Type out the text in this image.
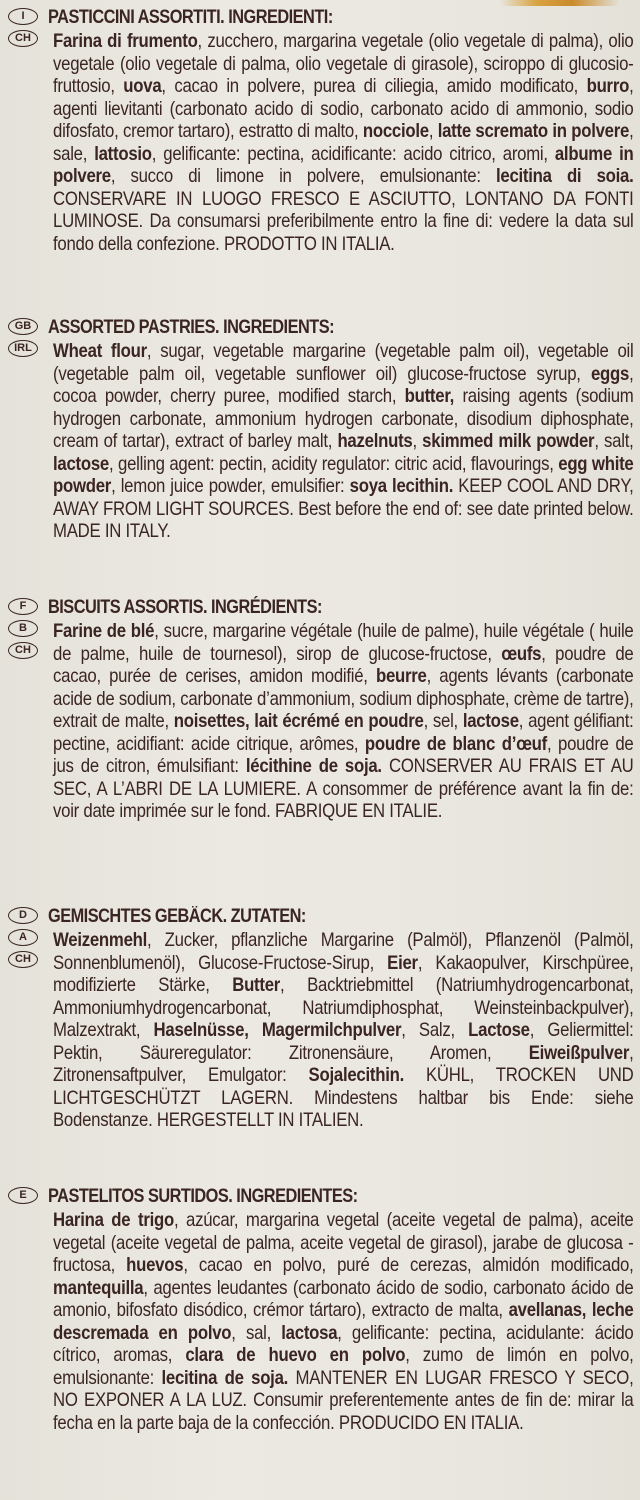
I
CH
PASTICCINI ASSORTITI. INGREDIENTI:
Farina di frumento, zucchero, margarina vegetale (olio vegetale di palma), olio vegetale (olio vegetale di palma, olio vegetale di girasole), sciroppo di glucosio-fruttosio, uova, cacao in polvere, purea di ciliegia, amido modificato, burro, agenti lievitanti (carbonato acido di sodio, carbonato acido di ammonio, sodio difosfato, cremor tartaro), estratto di malto, nocciole, latte scremato in polvere, sale, lattosio, gelificante: pectina, acidificante: acido citrico, aromi, albume in polvere, succo di limone in polvere, emulsionante: lecitina di soia. CONSERVARE IN LUOGO FRESCO E ASCIUTTO, LONTANO DA FONTI LUMINOSE. Da consumarsi preferibilmente entro la fine di: vedere la data sul fondo della confezione. PRODOTTO IN ITALIA.
GB
IRL
ASSORTED PASTRIES. INGREDIENTS:
Wheat flour, sugar, vegetable margarine (vegetable palm oil), vegetable oil (vegetable palm oil, vegetable sunflower oil) glucose-fructose syrup, eggs, cocoa powder, cherry puree, modified starch, butter, raising agents (sodium hydrogen carbonate, ammonium hydrogen carbonate, disodium diphosphate, cream of tartar), extract of barley malt, hazelnuts, skimmed milk powder, salt, lactose, gelling agent: pectin, acidity regulator: citric acid, flavourings, egg white powder, lemon juice powder, emulsifier: soya lecithin. KEEP COOL AND DRY, AWAY FROM LIGHT SOURCES. Best before the end of: see date printed below. MADE IN ITALY.
F
B
CH
BISCUITS ASSORTIS. INGRÉDIENTS:
Farine de blé, sucre, margarine végétale (huile de palme), huile végétale ( huile de palme, huile de tournesol), sirop de glucose-fructose, œufs, poudre de cacao, purée de cerises, amidon modifié, beurre, agents lévants (carbonate acide de sodium, carbonate d’ammonium, sodium diphosphate, crème de tartre), extrait de malte, noisettes, lait écrémé en poudre, sel, lactose, agent gélifiant: pectine, acidifiant: acide citrique, arômes, poudre de blanc d’œuf, poudre de jus de citron, émulsifiant: lécithine de soja. CONSERVER AU FRAIS ET AU SEC, A L’ABRI DE LA LUMIERE. A consommer de préférence avant la fin de: voir date imprimée sur le fond. FABRIQUE EN ITALIE.
D
A
CH
GEMISCHTES GEBÄCK. ZUTATEN:
Weizenmehl, Zucker, pflanzliche Margarine (Palmöl), Pflanzenöl (Palmöl, Sonnenblumenöl), Glucose-Fructose-Sirup, Eier, Kakaopulver, Kirschpüree, modifizierte Stärke, Butter, Backtriebmittel (Natriumhydrogencarbonat, Ammoniumhydrogencarbonat, Natriumdiphosphat, Weinsteinbackpulver), Malzextrakt, Haselnüsse, Magermilchpulver, Salz, Lactose, Geliermittel: Pektin, Säureregulator: Zitronensäure, Aromen, Eiweißpulver, Zitronensaftpulver, Emulgator: Sojalecithin. KÜHL, TROCKEN UND LICHTGESCHÜTZT LAGERN. Mindestens haltbar bis Ende: siehe Bodenstanze. HERGESTELLT IN ITALIEN.
E	PASTELITOS SURTIDOS. INGREDIENTES:
Harina de trigo, azúcar, margarina vegetal (aceite vegetal de palma), aceite vegetal (aceite vegetal de palma, aceite vegetal de girasol), jarabe de glucosa - fructosa, huevos, cacao en polvo, puré de cerezas, almidón modificado, mantequilla, agentes leudantes (carbonato ácido de sodio, carbonato ácido de amonio, bifosfato disódico, crémor tártaro), extracto de malta, avellanas, leche descremada en polvo, sal, lactosa, gelificante: pectina, acidulante: ácido cítrico, aromas, clara de huevo en polvo, zumo de limón en polvo, emulsionante: lecitina de soja. MANTENER EN LUGAR FRESCO Y SECO, NO EXPONER A LA LUZ. Consumir preferentemente antes de fin de: mirar la fecha en la parte baja de la confección. PRODUCIDO EN ITALIA.
